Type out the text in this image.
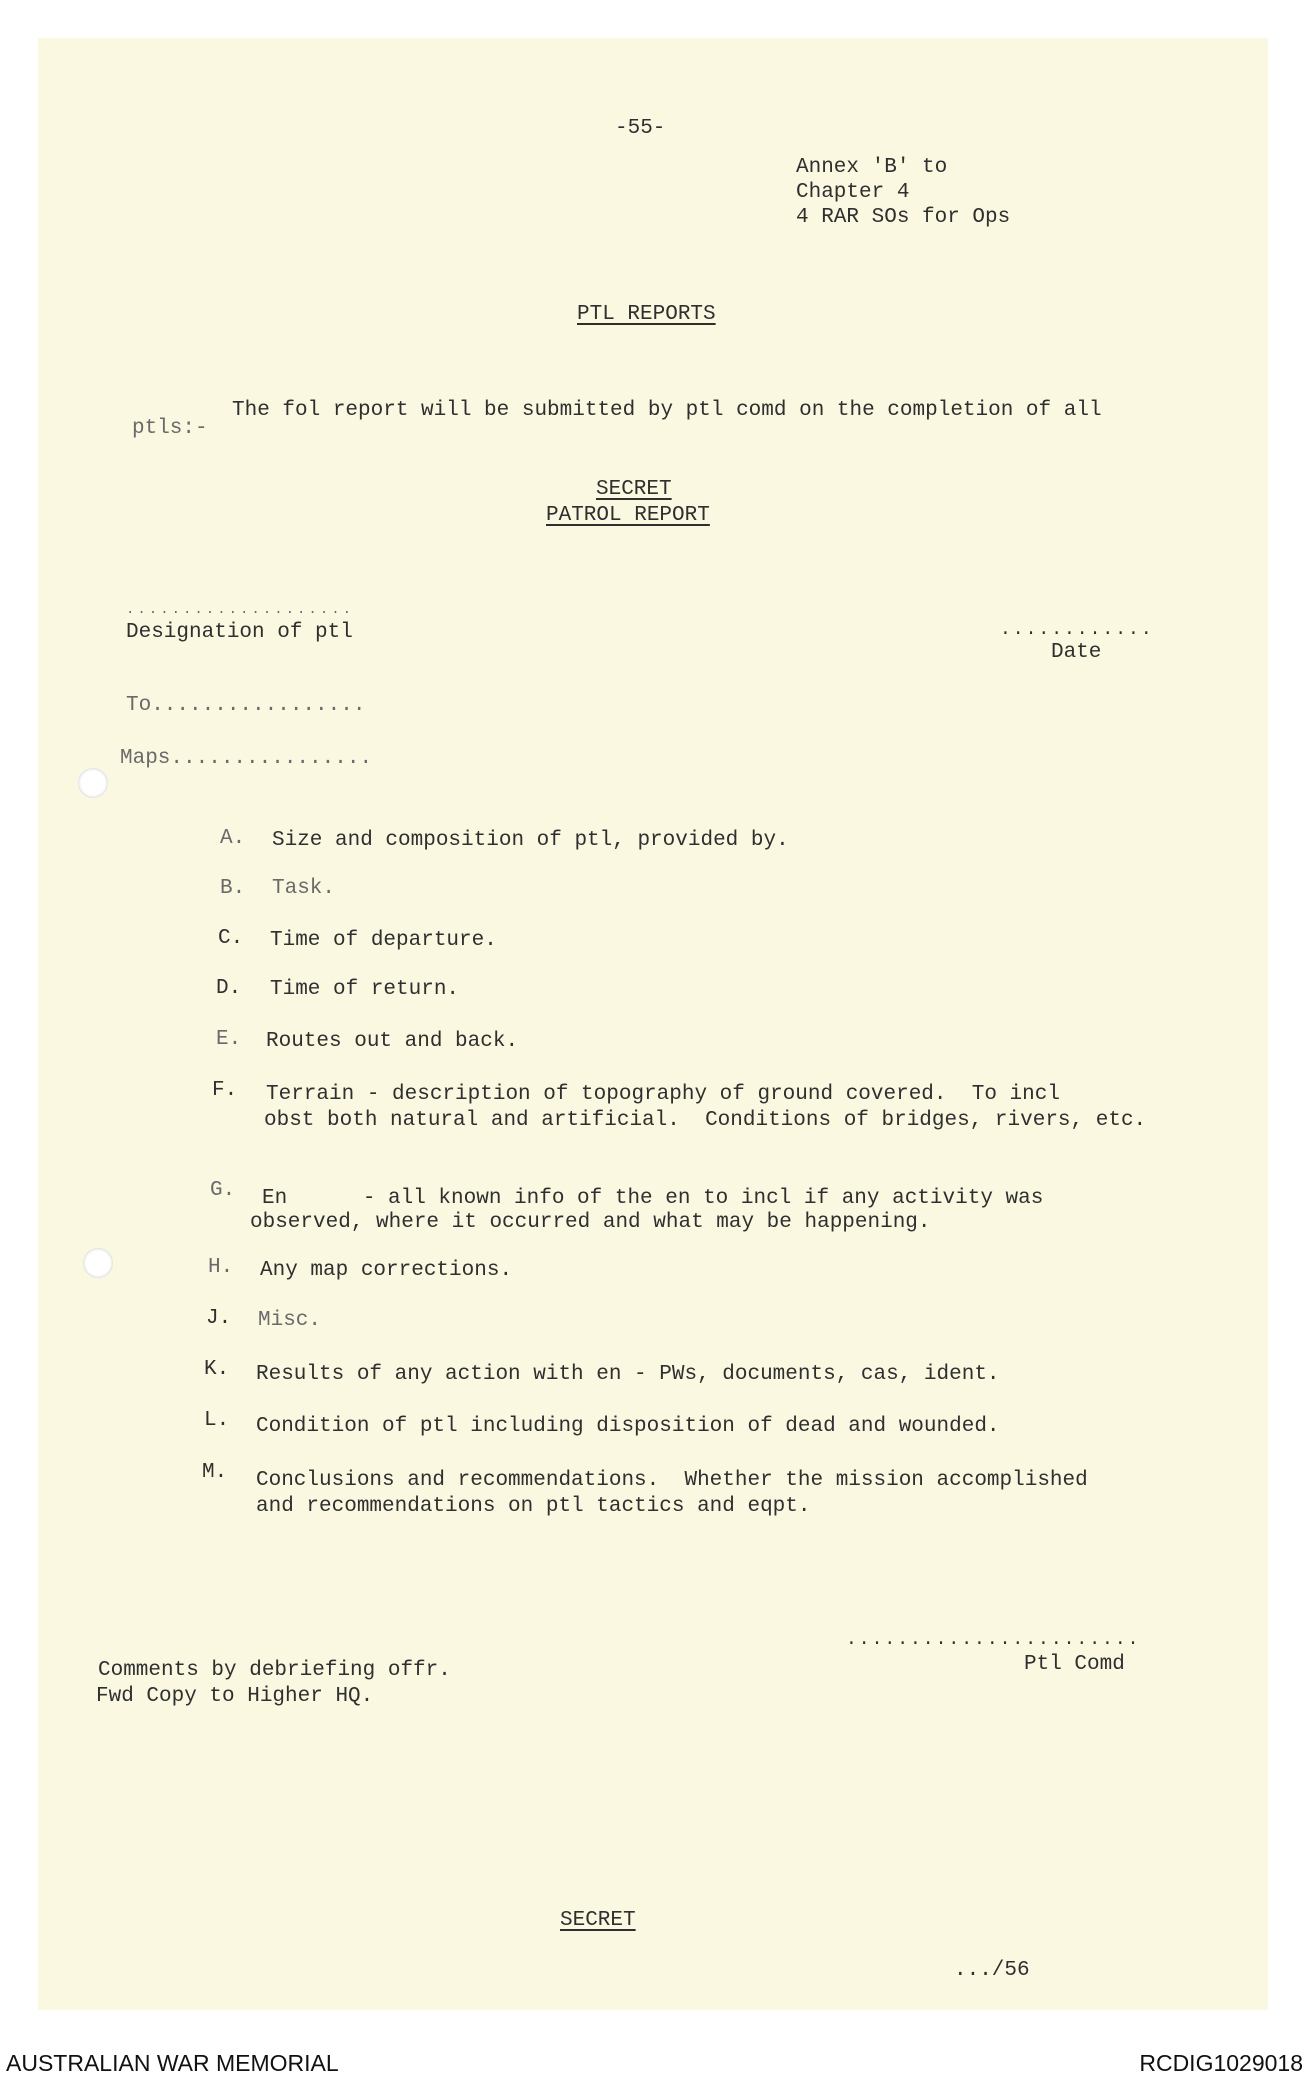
-55-
Annex 'B' to
Chapter 4
4 RAR SOs for Ops
PTL REPORTS
The fol report will be submitted by ptl comd on the completion of all
ptls:-
SECRET
PATROL REPORT
....................
Designation of ptl	............
Date
To.................
Maps................
A. Size and composition of ptl, provided by.
B. Task.
C. Time of departure.
D. Time of return.
E. Routes out and back.
F. Terrain - description of topography of ground covered.  To incl
obst both natural and artificial.  Conditions of bridges, rivers, etc.
G. En      - all known info of the en to incl if any activity was
observed, where it occurred and what may be happening.
H. Any map corrections.
J. Misc.
K. Results of any action with en - PWs, documents, cas, ident.
L. Condition of ptl including disposition of dead and wounded.
M. Conclusions and recommendations.  Whether the mission accomplished
and recommendations on ptl tactics and eqpt.
.......................
Ptl Comd
Comments by debriefing offr.
Fwd Copy to Higher HQ.
SECRET
.../56
AUSTRALIAN WAR MEMORIAL	RCDIG1029018
